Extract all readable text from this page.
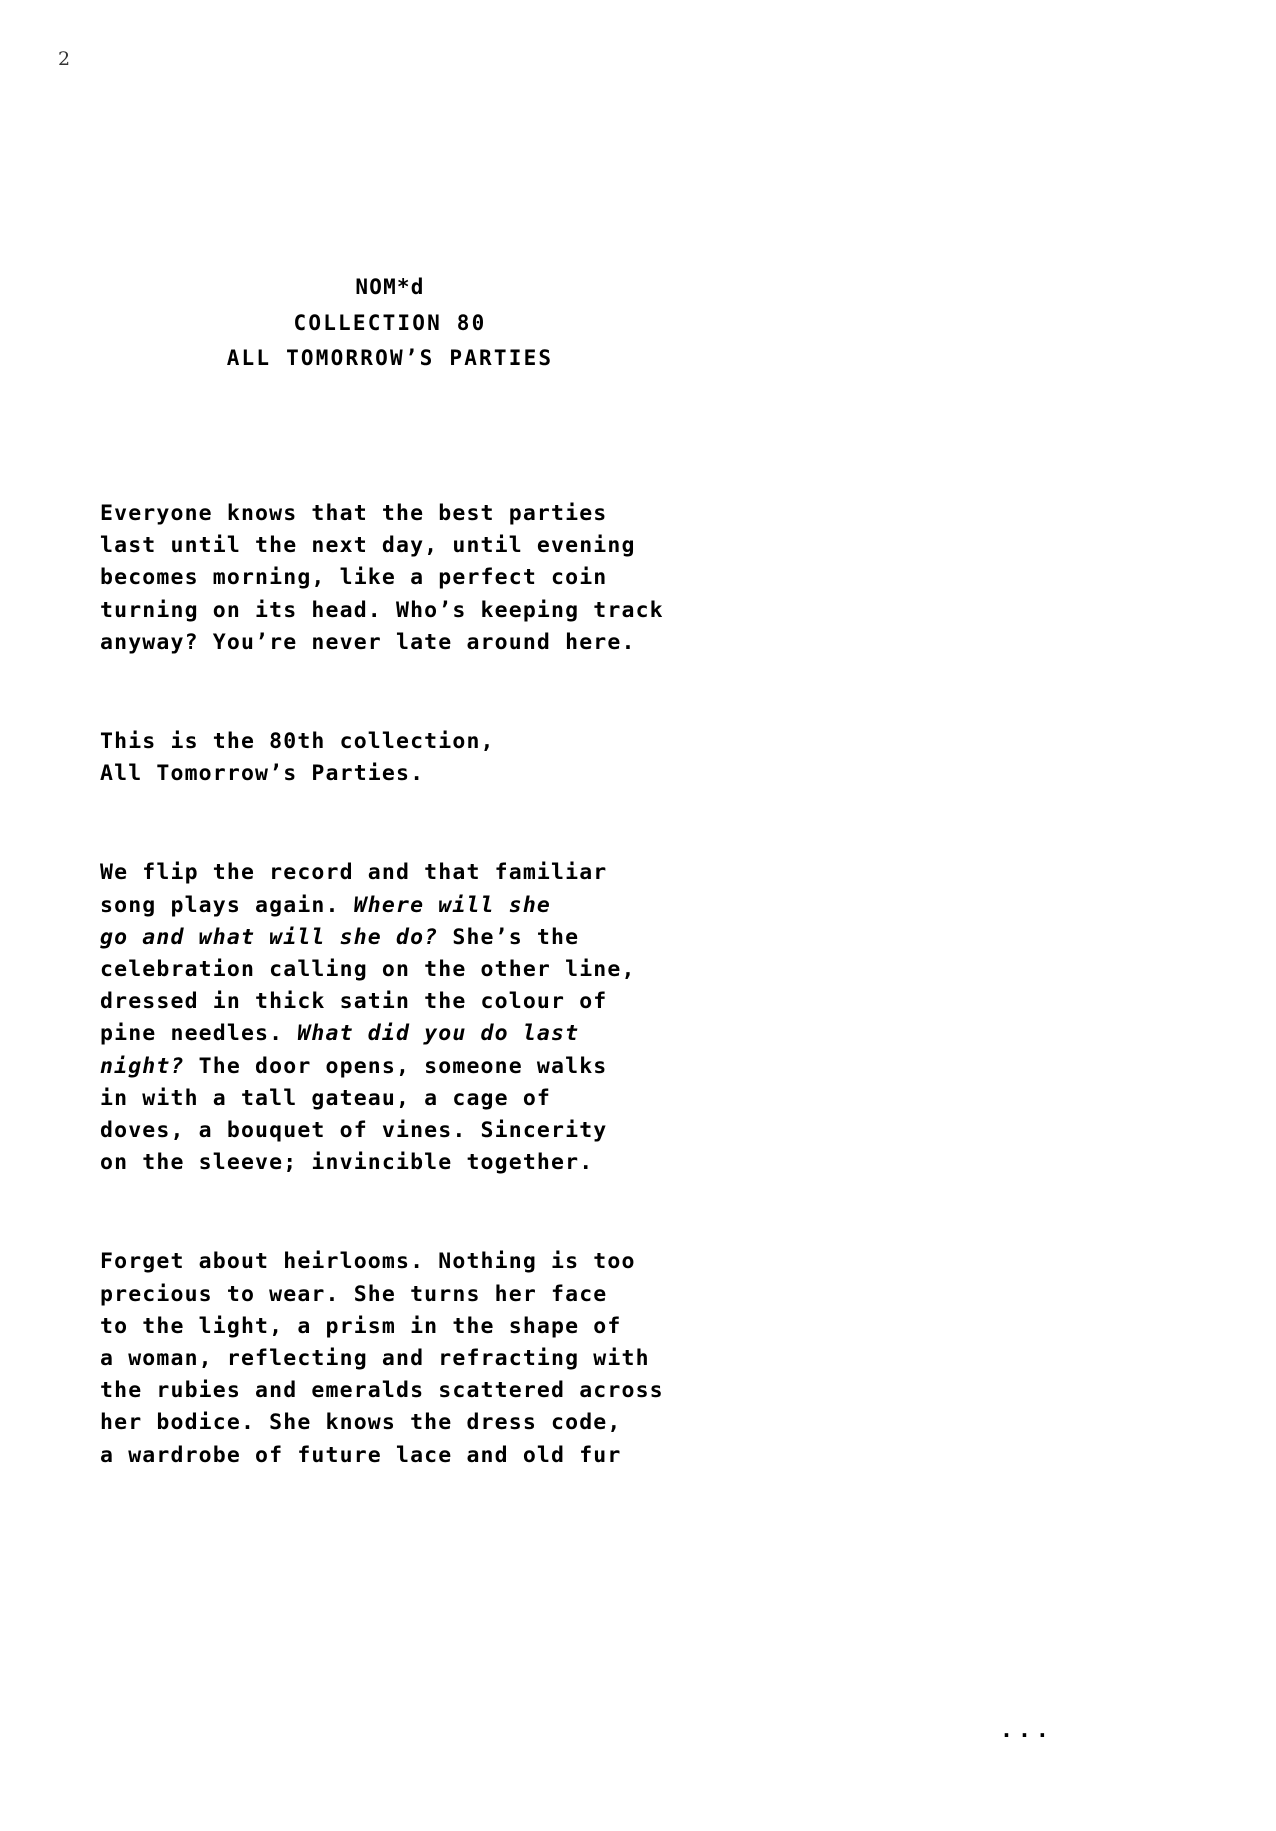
2
NOM*d
COLLECTION 80
ALL TOMORROW’S PARTIES

Everyone knows that the best parties
last until the next day, until evening
becomes morning, like a perfect coin
turning on its head. Who’s keeping track
anyway? You’re never late around here.

This is the 80th collection,
All Tomorrow’s Parties.

We flip the record and that familiar
song plays again. Where will she
go and what will she do? She’s the
celebration calling on the other line,
dressed in thick satin the colour of
pine needles. What did you do last
night? The door opens, someone walks
in with a tall gateau, a cage of
doves, a bouquet of vines. Sincerity
on the sleeve; invincible together.

Forget about heirlooms. Nothing is too
precious to wear. She turns her face
to the light, a prism in the shape of
a woman, reflecting and refracting with
the rubies and emeralds scattered across
her bodice. She knows the dress code,
a wardrobe of future lace and old fur

...
